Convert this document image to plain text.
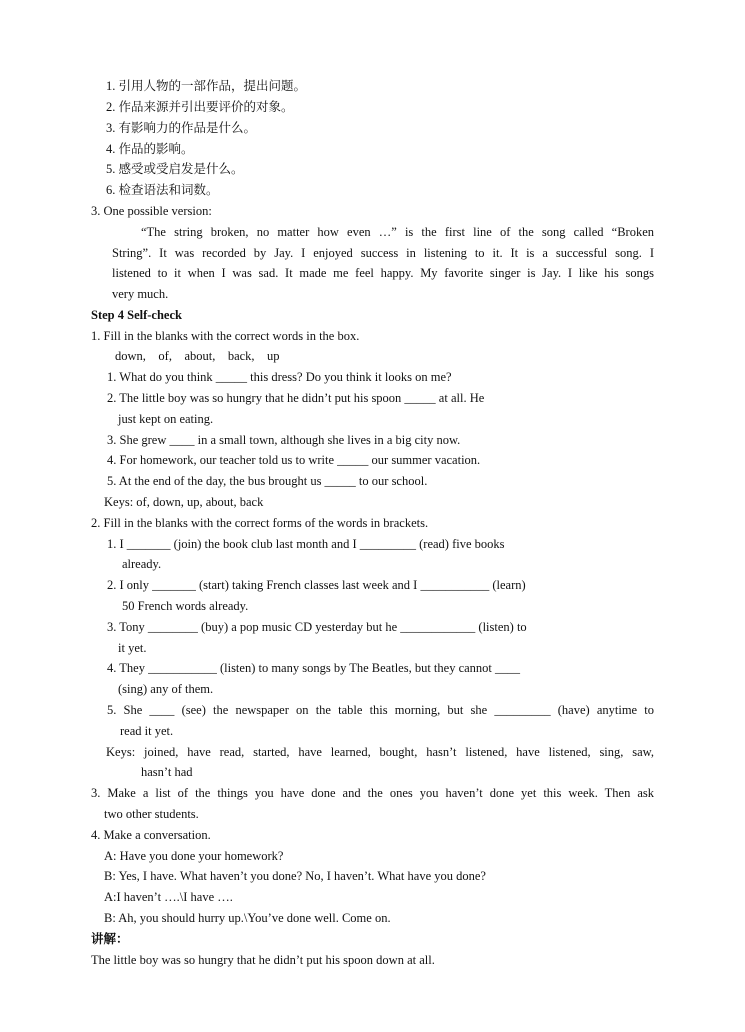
1. 引用人物的一部作品，提出问题。
2. 作品来源并引出要评价的对象。
3. 有影响力的作品是什么。
4. 作品的影响。
5. 感受或受启发是什么。
6. 检查语法和词数。
3. One possible version:
“The string broken, no matter how even …” is the first line of the song called “Broken
String”. It was recorded by Jay. I enjoyed success in listening to it. It is a successful song. I
listened to it when I was sad. It made me feel happy. My favorite singer is Jay. I like his songs
very much.
Step 4 Self-check
1. Fill in the blanks with the correct words in the box.
down,    of,    about,    back,    up
1. What do you think _____ this dress? Do you think it looks on me?
2. The little boy was so hungry that he didn’t put his spoon _____ at all. He
just kept on eating.
3. She grew ____ in a small town, although she lives in a big city now.
4. For homework, our teacher told us to write _____ our summer vacation.
5. At the end of the day, the bus brought us _____ to our school.
Keys: of, down, up, about, back
2. Fill in the blanks with the correct forms of the words in brackets.
1. I _______ (join) the book club last month and I _________ (read) five books
already.
2. I only _______ (start) taking French classes last week and I ___________ (learn)
50 French words already.
3. Tony ________ (buy) a pop music CD yesterday but he ____________ (listen) to
it yet.
4. They ___________ (listen) to many songs by The Beatles, but they cannot ____
(sing) any of them.
5. She ____ (see) the newspaper on the table this morning, but she _________ (have) anytime to
read it yet.
Keys: joined, have read, started, have learned, bought, hasn’t listened, have listened, sing, saw,
hasn’t had
3. Make a list of the things you have done and the ones you haven’t done yet this week. Then ask
two other students.
4. Make a conversation.
A: Have you done your homework?
B: Yes, I have. What haven’t you done? No, I haven’t. What have you done?
A:I haven’t ….\I have ….
B: Ah, you should hurry up.\You’ve done well. Come on.
讲解：
The little boy was so hungry that he didn’t put his spoon down at all.
